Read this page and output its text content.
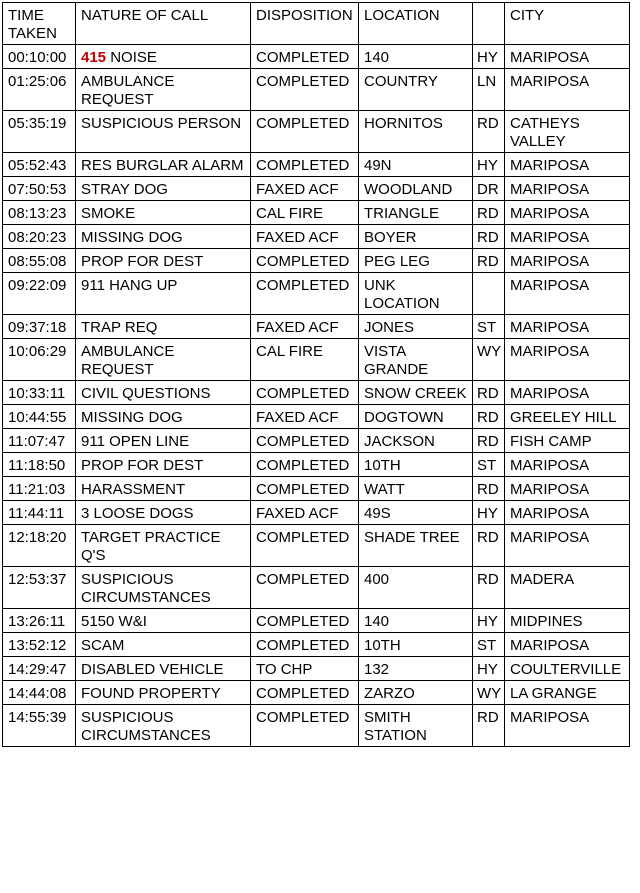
TIME TAKEN	NATURE OF CALL	DISPOSITION	LOCATION		CITY
00:10:00	415 NOISE	COMPLETED	140	HY	MARIPOSA
01:25:06	AMBULANCE REQUEST	COMPLETED	COUNTRY	LN	MARIPOSA
05:35:19	SUSPICIOUS PERSON	COMPLETED	HORNITOS	RD	CATHEYS VALLEY
05:52:43	RES BURGLAR ALARM	COMPLETED	49N	HY	MARIPOSA
07:50:53	STRAY DOG	FAXED ACF	WOODLAND	DR	MARIPOSA
08:13:23	SMOKE	CAL FIRE	TRIANGLE	RD	MARIPOSA
08:20:23	MISSING DOG	FAXED ACF	BOYER	RD	MARIPOSA
08:55:08	PROP FOR DEST	COMPLETED	PEG LEG	RD	MARIPOSA
09:22:09	911 HANG UP	COMPLETED	UNK LOCATION		MARIPOSA
09:37:18	TRAP REQ	FAXED ACF	JONES	ST	MARIPOSA
10:06:29	AMBULANCE REQUEST	CAL FIRE	VISTA GRANDE	WY	MARIPOSA
10:33:11	CIVIL QUESTIONS	COMPLETED	SNOW CREEK	RD	MARIPOSA
10:44:55	MISSING DOG	FAXED ACF	DOGTOWN	RD	GREELEY HILL
11:07:47	911 OPEN LINE	COMPLETED	JACKSON	RD	FISH CAMP
11:18:50	PROP FOR DEST	COMPLETED	10TH	ST	MARIPOSA
11:21:03	HARASSMENT	COMPLETED	WATT	RD	MARIPOSA
11:44:11	3 LOOSE DOGS	FAXED ACF	49S	HY	MARIPOSA
12:18:20	TARGET PRACTICE Q'S	COMPLETED	SHADE TREE	RD	MARIPOSA
12:53:37	SUSPICIOUS CIRCUMSTANCES	COMPLETED	400	RD	MADERA
13:26:11	5150 W&I	COMPLETED	140	HY	MIDPINES
13:52:12	SCAM	COMPLETED	10TH	ST	MARIPOSA
14:29:47	DISABLED VEHICLE	TO CHP	132	HY	COULTERVILLE
14:44:08	FOUND PROPERTY	COMPLETED	ZARZO	WY	LA GRANGE
14:55:39	SUSPICIOUS CIRCUMSTANCES	COMPLETED	SMITH STATION	RD	MARIPOSA
